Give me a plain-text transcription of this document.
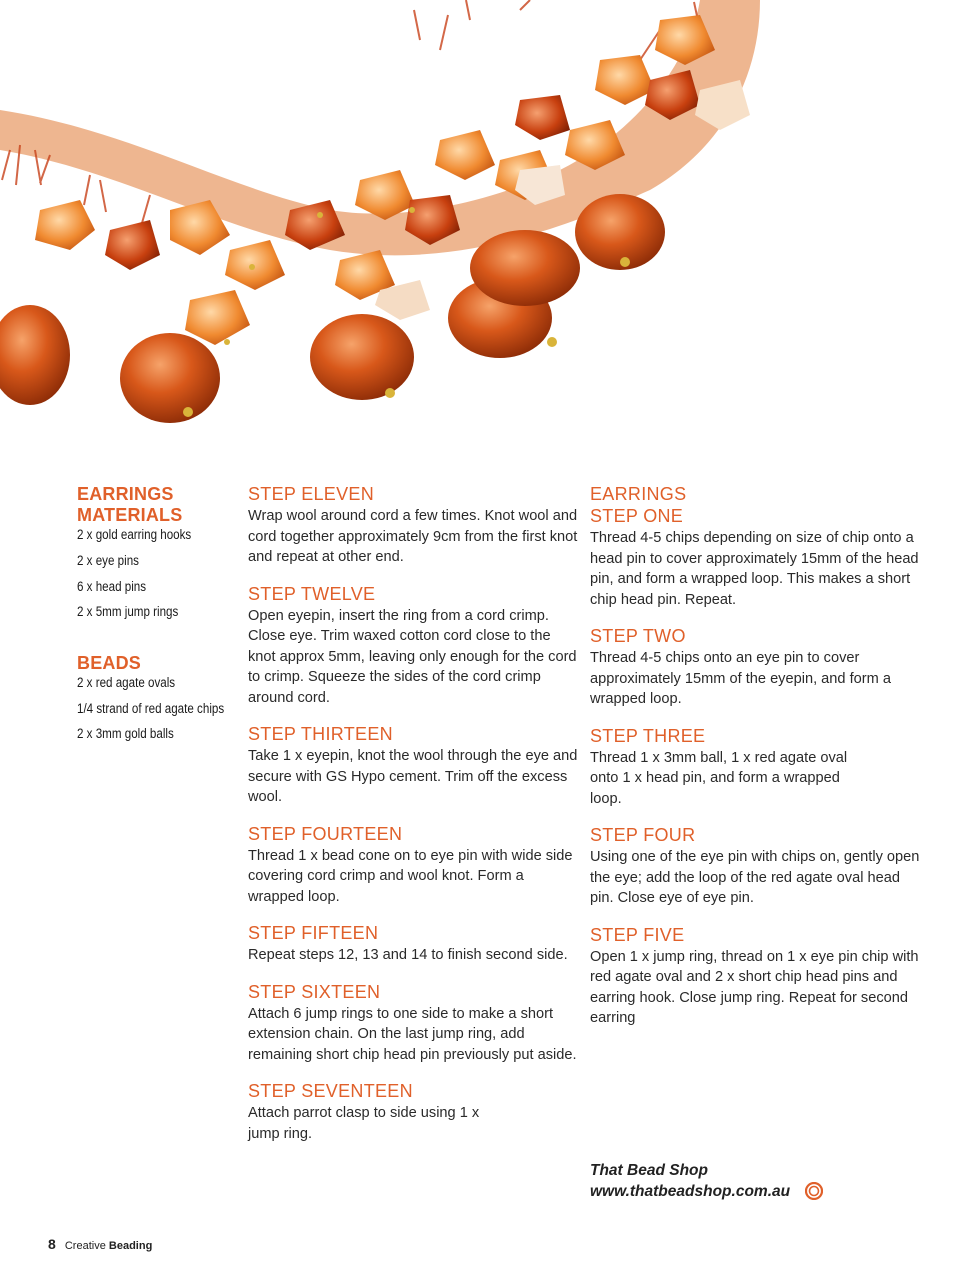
EARRINGS
MATERIALS
2 x gold earring hooks
2 x eye pins
6 x head pins
2 x 5mm jump rings
BEADS
2 x red agate ovals
1/4 strand of red agate chips
2 x 3mm gold balls
STEP ELEVEN

Wrap wool around cord a few times. Knot wool and cord together approximately 9cm from the first knot and repeat at other end.

STEP TWELVE

Open eyepin, insert the ring from a cord crimp. Close eye. Trim waxed cotton cord close to the knot approx 5mm, leaving only enough for the cord to crimp. Squeeze the sides of the cord crimp around cord.

STEP THIRTEEN

Take 1 x eyepin, knot the wool through the eye and secure with GS Hypo cement. Trim off the excess wool.

STEP FOURTEEN

Thread 1 x bead cone on to eye pin with wide side covering cord crimp and wool knot. Form a wrapped loop.

STEP FIFTEEN

Repeat steps 12, 13 and 14 to finish second side.

STEP SIXTEEN

Attach 6 jump rings to one side to make a short extension chain. On the last jump ring, add remaining short chip head pin previously put aside.

STEP SEVENTEEN

Attach parrot clasp to side using 1 x jump ring.

EARRINGS
STEP ONE

Thread 4-5 chips depending on size of chip onto a head pin to cover approximately 15mm of the head pin, and form a wrapped loop. This makes a short chip head pin. Repeat.

STEP TWO

Thread 4-5 chips onto an eye pin to cover approximately 15mm of the eyepin, and form a wrapped loop.

STEP THREE

Thread 1 x 3mm ball, 1 x red agate oval onto 1 x head pin, and form a wrapped loop.

STEP FOUR

Using one of the eye pin with chips on, gently open the eye; add the loop of the red agate oval head pin. Close eye of eye pin.

STEP FIVE

Open 1 x jump ring, thread on 1 x eye pin chip with red agate oval and 2 x short chip head pins and earring hook. Close jump ring. Repeat for second earring

That Bead Shop
www.thatbeadshop.com.au
8 Creative Beading
